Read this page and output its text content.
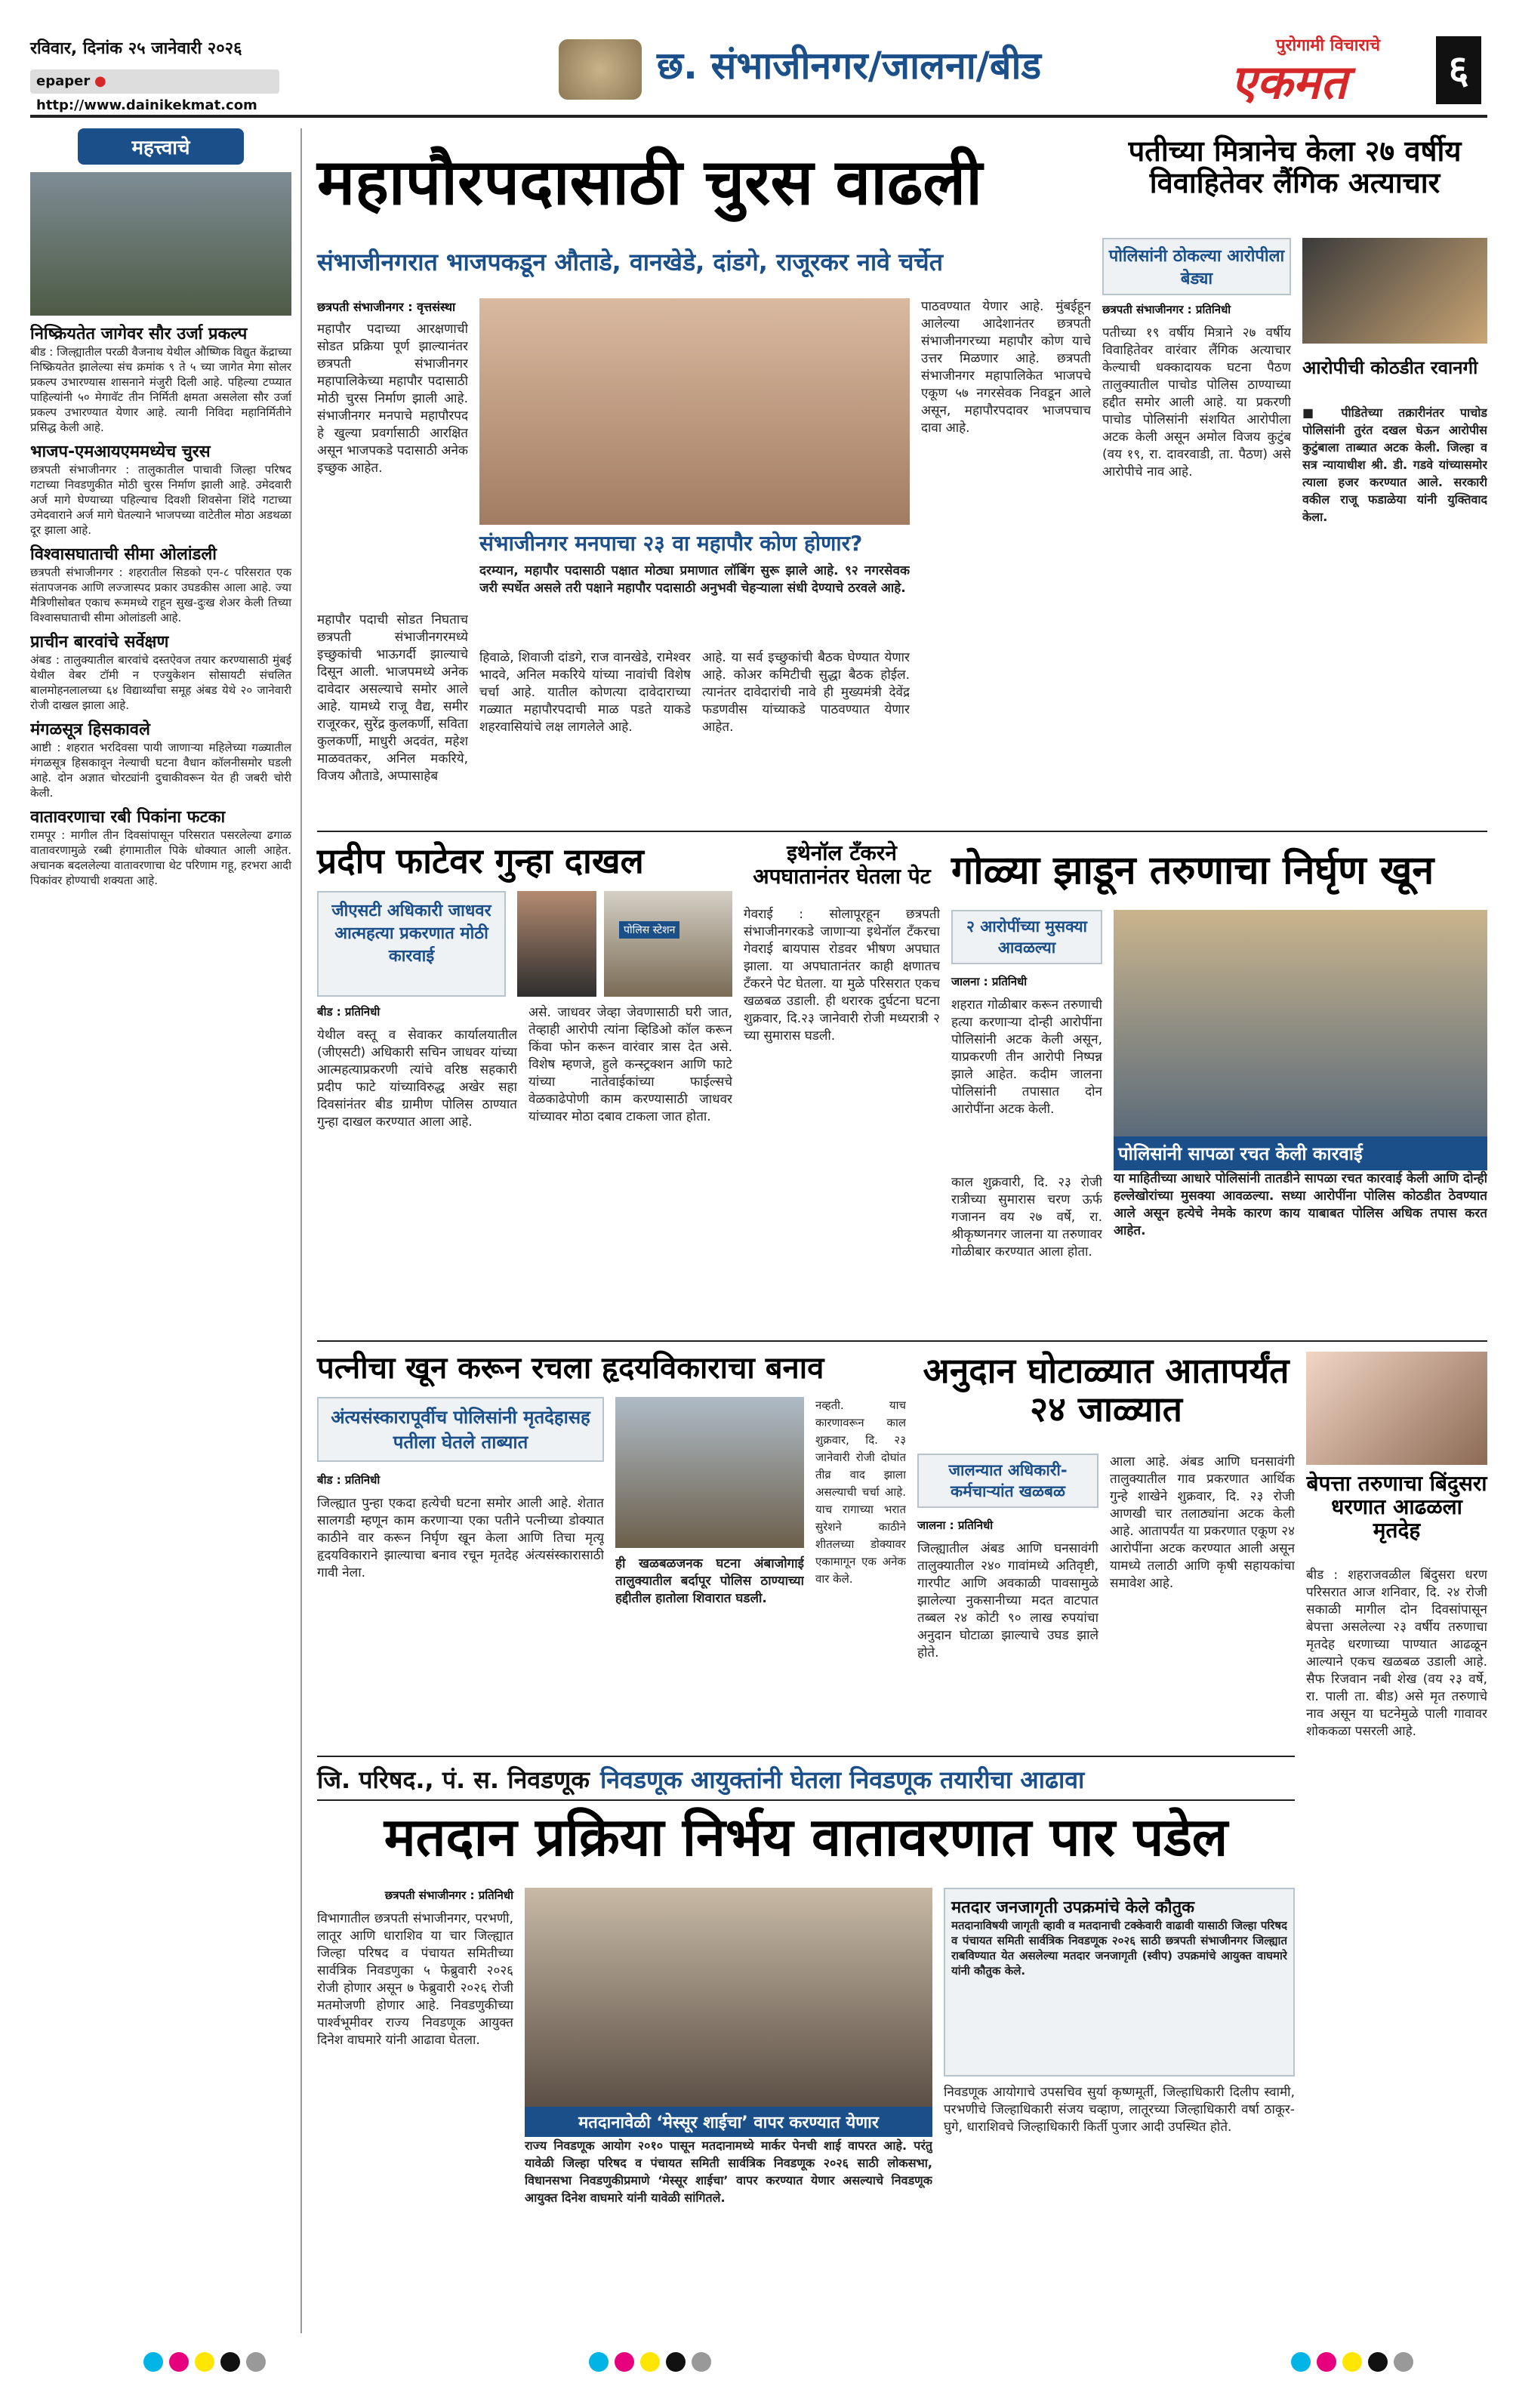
रविवार, दिनांक २५ जानेवारी २०२६
epaper ● http://www.dainikekmat.com
छ. संभाजीनगर/जालना/बीड	पुरोगामी विचाराचे
एकमत	६
महत्त्वाचे
निष्क्रियतेत जागेवर सौर उर्जा प्रकल्प

बीड : जिल्ह्यातील परळी वैजनाथ येथील औष्णिक विद्युत केंद्राच्या निष्क्रियतेत झालेल्या संच क्रमांक ९ ते ५ च्या जागेत मेगा सोलर प्रकल्प उभारण्यास शासनाने मंजुरी दिली आहे. पहिल्या टप्प्यात पाहिल्यांनी ५० मेगावॅट तीन निर्मिती क्षमता असलेला सौर उर्जा प्रकल्प उभारण्यात येणार आहे. त्यानी निविदा महानिर्मितीने प्रसिद्ध केली आहे.

भाजप-एमआयएममध्येच चुरस

छत्रपती संभाजीनगर : तालुकातील पाचावी जिल्हा परिषद गटाच्या निवडणुकीत मोठी चुरस निर्माण झाली आहे. उमेदवारी अर्ज मागे घेण्याच्या पहिल्याच दिवशी शिवसेना शिंदे गटाच्या उमेदवाराने अर्ज मागे घेतल्याने भाजपच्या वाटेतील मोठा अडथळा दूर झाला आहे.

विश्वासघाताची सीमा ओलांडली

छत्रपती संभाजीनगर : शहरातील सिडको एन-८ परिसरात एक संतापजनक आणि लज्जास्पद प्रकार उघडकीस आला आहे. ज्या मैत्रिणीसोबत एकाच रूममध्ये राहून सुख-दुःख शेअर केली तिच्या विश्वासघाताची सीमा ओलांडली आहे.

प्राचीन बारवांचे सर्वेक्षण

अंबड : तालुक्यातील बारवांचे दस्तऐवज तयार करण्यासाठी मुंबई येथील वेबर टॉमी न एज्युकेशन सोसायटी संचलित बालमोहनलालच्या ६४ विद्यार्थ्यांचा समूह अंबड येथे २० जानेवारी रोजी दाखल झाला आहे.

मंगळसूत्र हिसकावले

आष्टी : शहरात भरदिवसा पायी जाणाऱ्या महिलेच्या गळ्यातील मंगळसूत्र हिसकावून नेल्याची घटना वैधान कॉलनीसमोर घडली आहे. दोन अज्ञात चोरट्यांनी दुचाकीवरून येत ही जबरी चोरी केली.

वातावरणाचा रबी पिकांना फटका

रामपूर : मागील तीन दिवसांपासून परिसरात पसरलेल्या ढगाळ वातावरणामुळे रब्बी हंगामातील पिके धोक्यात आली आहेत. अचानक बदललेल्या वातावरणाचा थेट परिणाम गहू, हरभरा आदी पिकांवर होण्याची शक्यता आहे.

महापौरपदासाठी चुरस वाढली
संभाजीनगरात भाजपकडून औताडे, वानखेडे, दांडगे, राजूरकर नावे चर्चेत
छत्रपती संभाजीनगर : वृत्तसंस्था
महापौर पदाच्या आरक्षणाची सोडत प्रक्रिया पूर्ण झाल्यानंतर छत्रपती संभाजीनगर महापालिकेच्या महापौर पदासाठी मोठी चुरस निर्माण झाली आहे. संभाजीनगर मनपाचे महापौरपद हे खुल्या प्रवर्गासाठी आरक्षित असून भाजपकडे पदासाठी अनेक इच्छुक आहेत.
महापौर पदाची सोडत निघताच छत्रपती संभाजीनगरमध्ये इच्छुकांची भाऊगर्दी झाल्याचे दिसून आली. भाजपमध्ये अनेक दावेदार असल्याचे समोर आले आहे. यामध्ये राजू वैद्य, समीर राजूरकर, सुरेंद्र कुलकर्णी, सविता कुलकर्णी, माधुरी अदवंत, महेश माळवतकर, अनिल मकरिये, विजय औताडे, अप्पासाहेब
संभाजीनगर मनपाचा २३ वा महापौर कोण होणार?
दरम्यान, महापौर पदासाठी पक्षात मोठ्या प्रमाणात लॉबिंग सुरू झाले आहे. ९२ नगरसेवक जरी स्पर्धेत असले तरी पक्षाने महापौर पदासाठी अनुभवी चेहऱ्याला संधी देण्याचे ठरवले आहे.
हिवाळे, शिवाजी दांडगे, राज वानखेडे, रामेश्वर भादवे, अनिल मकरिये यांच्या नावांची विशेष चर्चा आहे. यातील कोणत्या दावेदाराच्या गळ्यात महापौरपदाची माळ पडते याकडे शहरवासियांचे लक्ष लागलेले आहे.
आहे. या सर्व इच्छुकांची बैठक घेण्यात येणार आहे. कोअर कमिटीची सुद्धा बैठक होईल. त्यानंतर दावेदारांची नावे ही मुख्यमंत्री देवेंद्र फडणवीस यांच्याकडे पाठवण्यात येणार आहेत.
पाठवण्यात येणार आहे. मुंबईहून आलेल्या आदेशानंतर छत्रपती संभाजीनगरच्या महापौर कोण याचे उत्तर मिळणार आहे. छत्रपती संभाजीनगर महापालिकेत भाजपचे एकूण ५७ नगरसेवक निवडून आले असून, महापौरपदावर भाजपचाच दावा आहे.
पतीच्या मित्रानेच केला २७ वर्षीय विवाहितेवर लैंगिक अत्याचार
पोलिसांनी ठोकल्या आरोपीला बेड्या
छत्रपती संभाजीनगर : प्रतिनिधी
पतीच्या १९ वर्षीय मित्राने २७ वर्षीय विवाहितेवर वारंवार लैंगिक अत्याचार केल्याची धक्कादायक घटना पैठण तालुक्यातील पाचोड पोलिस ठाण्याच्या हद्दीत समोर आली आहे. या प्रकरणी पाचोड पोलिसांनी संशयित आरोपीला अटक केली असून अमोल विजय कुटुंब (वय १९, रा. दावरवाडी, ता. पैठण) असे आरोपीचे नाव आहे.
आरोपीची कोठडीत रवानगी
■ पीडितेच्या तक्रारीनंतर पाचोड पोलिसांनी तुरंत दखल घेऊन आरोपीस कुटुंबाला ताब्यात अटक केली. जिल्हा व सत्र न्यायाधीश श्री. डी. गडवे यांच्यासमोर त्याला हजर करण्यात आले. सरकारी वकील राजू फडाळेया यांनी युक्तिवाद केला.
प्रदीप फाटेवर गुन्हा दाखल
जीएसटी अधिकारी जाधवर आत्महत्या प्रकरणात मोठी कारवाई
पोलिस स्टेशन
बीड : प्रतिनिधी
येथील वस्तू व सेवाकर कार्यालयातील (जीएसटी) अधिकारी सचिन जाधवर यांच्या आत्महत्याप्रकरणी त्यांचे वरिष्ठ सहकारी प्रदीप फाटे यांच्याविरुद्ध अखेर सहा दिवसांनंतर बीड ग्रामीण पोलिस ठाण्यात गुन्हा दाखल करण्यात आला आहे.
असे. जाधवर जेव्हा जेवणासाठी घरी जात, तेव्हाही आरोपी त्यांना व्हिडिओ कॉल करून किंवा फोन करून वारंवार त्रास देत असे. विशेष म्हणजे, हुले कन्स्ट्रक्शन आणि फाटे यांच्या नातेवाईकांच्या फाईल्सचे वेळकाढेपोणी काम करण्यासाठी जाधवर यांच्यावर मोठा दबाव टाकला जात होता.
इथेनॉल टँकरने अपघातानंतर घेतला पेट
गेवराई : सोलापूरहून छत्रपती संभाजीनगरकडे जाणाऱ्या इथेनॉल टँकरचा गेवराई बायपास रोडवर भीषण अपघात झाला. या अपघातानंतर काही क्षणातच टँकरने पेट घेतला. या मुळे परिसरात एकच खळबळ उडाली. ही थरारक दुर्घटना घटना शुक्रवार, दि.२३ जानेवारी रोजी मध्यरात्री २ च्या सुमारास घडली.
गोळ्या झाडून तरुणाचा निर्घृण खून
२ आरोपींच्या मुसक्या आवळल्या
जालना : प्रतिनिधी
शहरात गोळीबार करून तरुणाची हत्या करणाऱ्या दोन्ही आरोपींना पोलिसांनी अटक केली असून, याप्रकरणी तीन आरोपी निष्पन्न झाले आहेत. कदीम जालना पोलिसांनी तपासात दोन आरोपींना अटक केली.
काल शुक्रवारी, दि. २३ रोजी रात्रीच्या सुमारास चरण ऊर्फ गजानन वय २७ वर्षे, रा. श्रीकृष्णनगर जालना या तरुणावर गोळीबार करण्यात आला होता.
पोलिसांनी सापळा रचत केली कारवाई
या माहितीच्या आधारे पोलिसांनी तातडीने सापळा रचत कारवाई केली आणि दोन्ही हल्लेखोरांच्या मुसक्या आवळल्या. सध्या आरोपींना पोलिस कोठडीत ठेवण्यात आले असून हत्येचे नेमके कारण काय याबाबत पोलिस अधिक तपास करत आहेत.
पत्नीचा खून करून रचला हृदयविकाराचा बनाव
अंत्यसंस्कारापूर्वीच पोलिसांनी मृतदेहासह पतीला घेतले ताब्यात
बीड : प्रतिनिधी
जिल्ह्यात पुन्हा एकदा हत्येची घटना समोर आली आहे. शेतात सालगडी म्हणून काम करणाऱ्या एका पतीने पत्नीच्या डोक्यात काठीने वार करून निर्घृण खून केला आणि तिचा मृत्यू हृदयविकाराने झाल्याचा बनाव रचून मृतदेह अंत्यसंस्कारासाठी गावी नेला.
ही खळबळजनक घटना अंबाजोगाई तालुक्यातील बर्दापूर पोलिस ठाण्याच्या हद्दीतील हातोला शिवारात घडली.
नव्हती. याच कारणावरून काल शुक्रवार, दि. २३ जानेवारी रोजी दोघांत तीव्र वाद झाला असल्याची चर्चा आहे. याच रागाच्या भरात सुरेशने काठीने शीतलच्या डोक्यावर एकामागून एक अनेक वार केले.
अनुदान घोटाळ्यात आतापर्यंत २४ जाळ्यात
जालन्यात अधिकारी-कर्मचाऱ्यांत खळबळ
जालना : प्रतिनिधी
जिल्ह्यातील अंबड आणि घनसावंगी तालुक्यातील २४० गावांमध्ये अतिवृष्टी, गारपीट आणि अवकाळी पावसामुळे झालेल्या नुकसानीच्या मदत वाटपात तब्बल २४ कोटी ९० लाख रुपयांचा अनुदान घोटाळा झाल्याचे उघड झाले होते.
आला आहे. अंबड आणि घनसावंगी तालुक्यातील गाव प्रकरणात आर्थिक गुन्हे शाखेने शुक्रवार, दि. २३ रोजी आणखी चार तलाठ्यांना अटक केली आहे. आतापर्यंत या प्रकरणात एकूण २४ आरोपींना अटक करण्यात आली असून यामध्ये तलाठी आणि कृषी सहायकांचा समावेश आहे.
बेपत्ता तरुणाचा बिंदुसरा धरणात आढळला मृतदेह
बीड : शहराजवळील बिंदुसरा धरण परिसरात आज शनिवार, दि. २४ रोजी सकाळी मागील दोन दिवसांपासून बेपत्ता असलेल्या २३ वर्षीय तरुणाचा मृतदेह धरणाच्या पाण्यात आढळून आल्याने एकच खळबळ उडाली आहे. सैफ रिजवान नबी शेख (वय २३ वर्षे, रा. पाली ता. बीड) असे मृत तरुणाचे नाव असून या घटनेमुळे पाली गावावर शोककळा पसरली आहे.
जि. परिषद., पं. स. निवडणूक निवडणूक आयुक्तांनी घेतला निवडणूक तयारीचा आढावा
मतदान प्रक्रिया निर्भय वातावरणात पार पडेल
छत्रपती संभाजीनगर : प्रतिनिधी
विभागातील छत्रपती संभाजीनगर, परभणी, लातूर आणि धाराशिव या चार जिल्ह्यात जिल्हा परिषद व पंचायत समितीच्या सार्वत्रिक निवडणुका ५ फेब्रुवारी २०२६ रोजी होणार असून ७ फेब्रुवारी २०२६ रोजी मतमोजणी होणार आहे. निवडणुकीच्या पार्श्वभूमीवर राज्य निवडणूक आयुक्त दिनेश वाघमारे यांनी आढावा घेतला.
मतदानावेळी ‘मेस्सूर शाईचा’ वापर करण्यात येणार
राज्य निवडणूक आयोग २०१० पासून मतदानामध्ये मार्कर पेनची शाई वापरत आहे. परंतु यावेळी जिल्हा परिषद व पंचायत समिती सार्वत्रिक निवडणूक २०२६ साठी लोकसभा, विधानसभा निवडणुकीप्रमाणे ‘मेस्सूर शाईचा’ वापर करण्यात येणार असल्याचे निवडणूक आयुक्त दिनेश वाघमारे यांनी यावेळी सांगितले.
मतदार जनजागृती उपक्रमांचे केले कौतुक
मतदानाविषयी जागृती व्हावी व मतदानाची टक्केवारी वाढावी यासाठी जिल्हा परिषद व पंचायत समिती सार्वत्रिक निवडणूक २०२६ साठी छत्रपती संभाजीनगर जिल्ह्यात राबविण्यात येत असलेल्या मतदार जनजागृती (स्वीप) उपक्रमांचे आयुक्त वाघमारे यांनी कौतुक केले.
निवडणूक आयोगाचे उपसचिव सुर्या कृष्णमूर्ती, जिल्हाधिकारी दिलीप स्वामी, परभणीचे जिल्हाधिकारी संजय चव्हाण, लातूरच्या जिल्हाधिकारी वर्षा ठाकूर-घुगे, धाराशिवचे जिल्हाधिकारी किर्ती पुजार आदी उपस्थित होते.
